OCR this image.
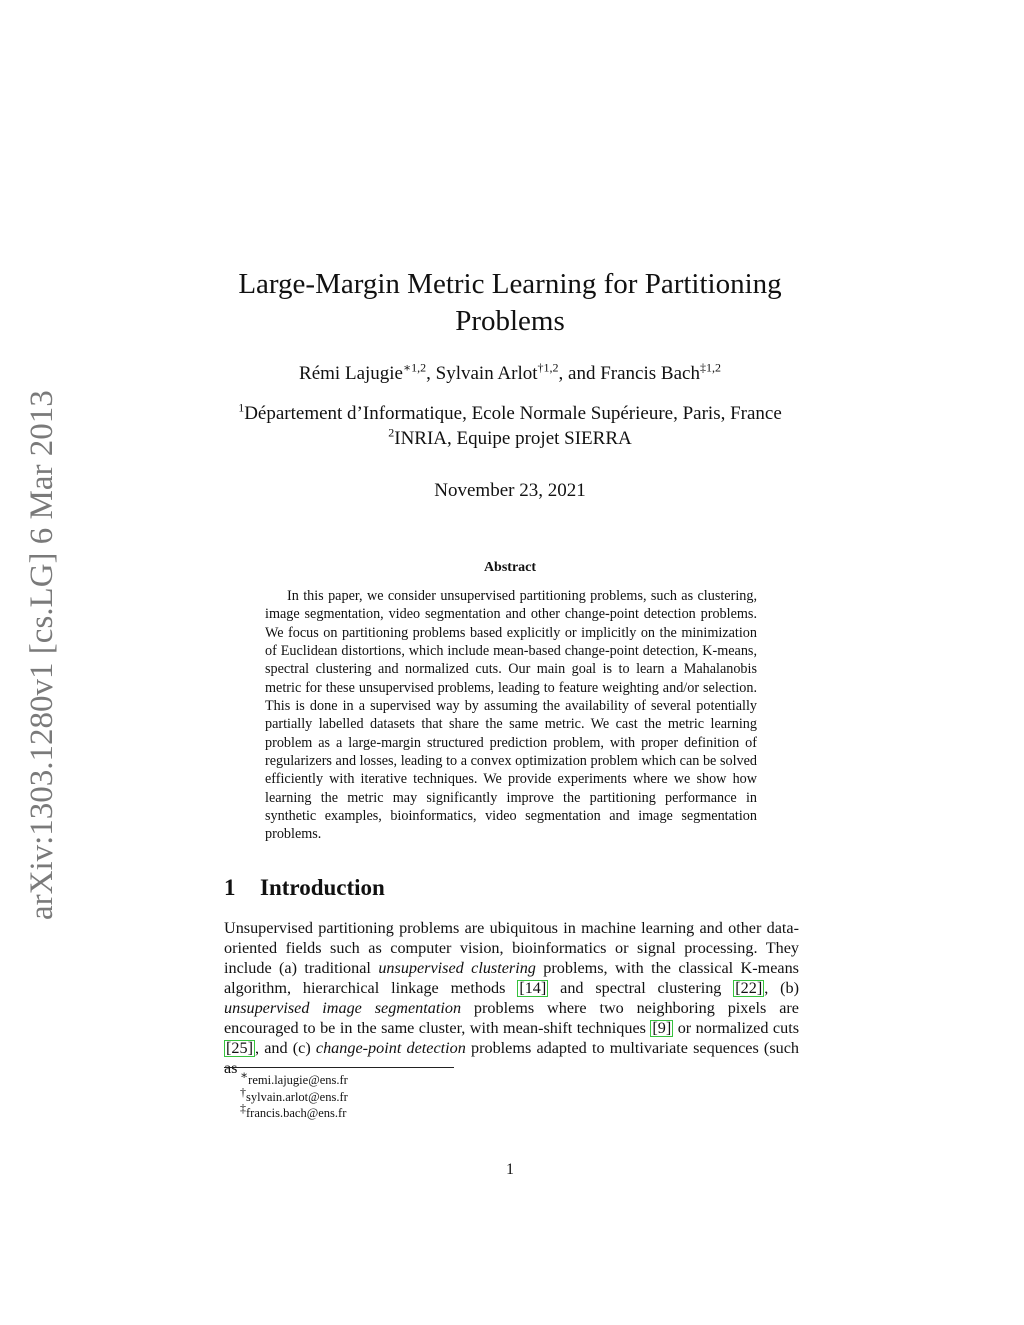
arXiv:1303.1280v1 [cs.LG] 6 Mar 2013
Large-Margin Metric Learning for Partitioning
Problems
Rémi Lajugie$^{∗1,2}$, Sylvain Arlot$^{\dagger 1,2}$, and Francis Bach$^{\ddagger 1,2}$
$^1$Département d’Informatique, Ecole Normale Supérieure, Paris, France
$^2$INRIA, Equipe projet SIERRA
November 23, 2021
Abstract
In this paper, we consider unsupervised partitioning problems, such as clustering, image segmentation, video segmentation and other change-point detection problems. We focus on partitioning problems based explicitly or implicitly on the minimization of Euclidean distortions, which include mean-based change-point detection, K-means, spectral clustering and normalized cuts. Our main goal is to learn a Mahalanobis metric for these unsupervised problems, leading to feature weighting and/or selection. This is done in a supervised way by assuming the availability of several potentially partially labelled datasets that share the same metric. We cast the metric learning problem as a large-margin structured prediction problem, with proper definition of regularizers and losses, leading to a convex optimization problem which can be solved efficiently with iterative techniques. We provide experiments where we show how learning the metric may significantly improve the partitioning performance in synthetic examples, bioinformatics, video segmentation and image segmentation problems.
1 Introduction
Unsupervised partitioning problems are ubiquitous in machine learning and other data-oriented fields such as computer vision, bioinformatics or signal processing. They include (a) traditional unsupervised clustering problems, with the classical K-means algorithm, hierarchical linkage methods [14] and spectral clustering [22] , (b) unsupervised image segmentation problems where two neighboring pixels are encouraged to be in the same cluster, with mean-shift techniques [9] or normalized cuts [25] , and (c) change-point detection problems adapted to multivariate sequences (such as ∗remi.lajugie@ens.fr
†sylvain.arlot@ens.fr
‡francis.bach@ens.fr
1
